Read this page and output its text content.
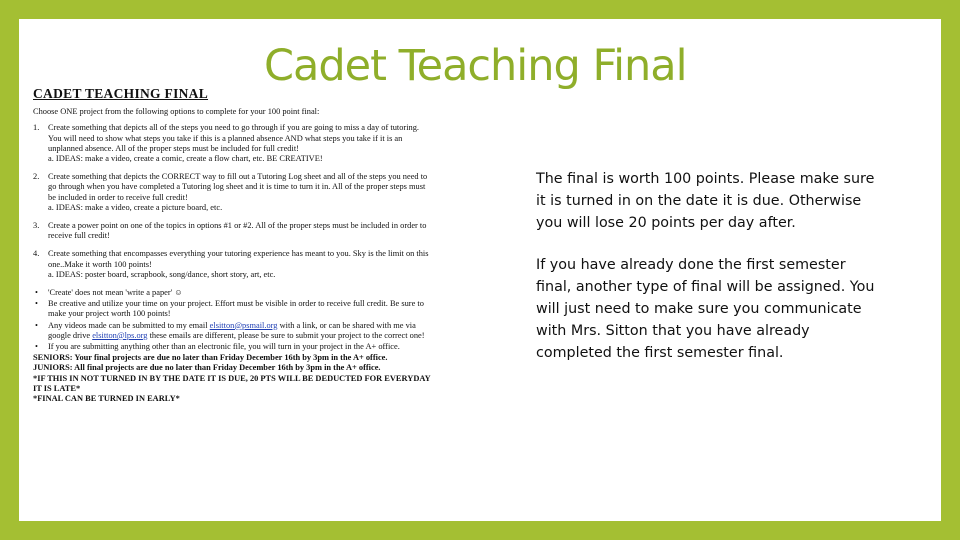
Cadet Teaching Final
CADET TEACHING FINAL

Choose ONE project from the following options to complete for your 100 point final:

1. Create something that depicts all of the steps you need to go through if you are going to miss a day of tutoring. You will need to show what steps you take if this is a planned absence AND what steps you take if it is an unplanned absence. All of the proper steps must be included for full credit!

a. IDEAS: make a video, create a comic, create a flow chart, etc. BE CREATIVE!

2. Create something that depicts the CORRECT way to fill out a Tutoring Log sheet and all of the steps you need to go through when you have completed a Tutoring log sheet and it is time to turn it in. All of the proper steps must be included in order to receive full credit!

a. IDEAS: make a video, create a picture board, etc.

3. Create a power point on one of the topics in options #1 or #2. All of the proper steps must be included in order to receive full credit!

4. Create something that encompasses everything your tutoring experience has meant to you. Sky is the limit on this one..Make it worth 100 points!

a. IDEAS: poster board, scrapbook, song/dance, short story, art, etc.

• 'Create' does not mean 'write a paper' ☺
• Be creative and utilize your time on your project. Effort must be visible in order to receive full credit. Be sure to make your project worth 100 points!
• Any videos made can be submitted to my email elsitton@psmail.org with a link, or can be shared with me via google drive elsitton@lps.org these emails are different, please be sure to submit your project to the correct one!
• If you are submitting anything other than an electronic file, you will turn in your project in the A+ office.

SENIORS: Your final projects are due no later than Friday December 16th by 3pm in the A+ office.

JUNIORS: All final projects are due no later than Friday December 16th by 3pm in the A+ office.

*IF THIS IN NOT TURNED IN BY THE DATE IT IS DUE, 20 PTS WILL BE DEDUCTED FOR EVERYDAY IT IS LATE*

*FINAL CAN BE TURNED IN EARLY*

The final is worth 100 points. Please make sure it is turned in on the date it is due. Otherwise you will lose 20 points per day after.

If you have already done the first semester final, another type of final will be assigned. You will just need to make sure you communicate with Mrs. Sitton that you have already completed the first semester final.
